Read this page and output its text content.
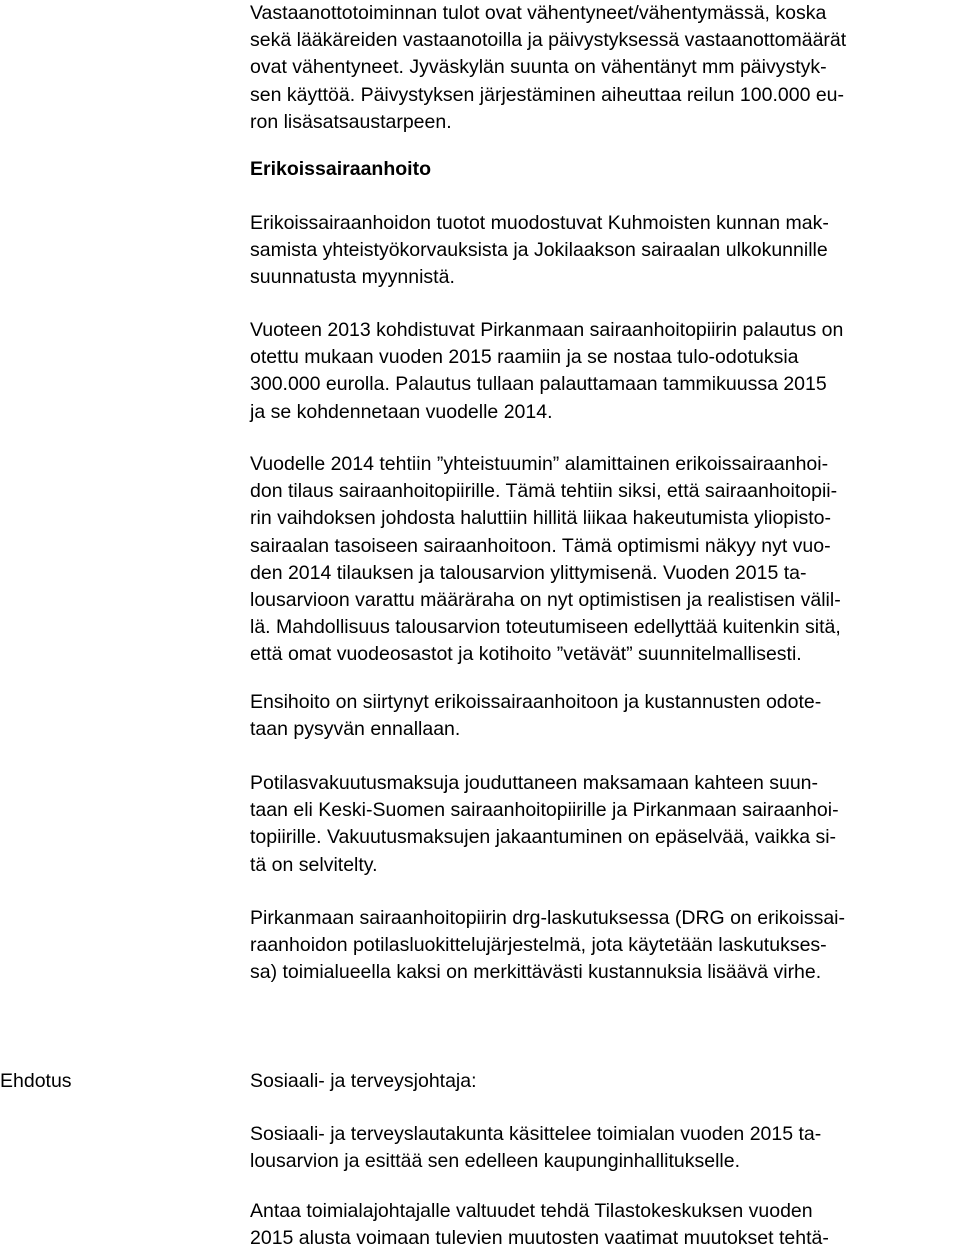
Vastaanottotoiminnan tulot ovat vähentyneet/vähentymässä, koska
sekä lääkäreiden vastaanotoilla ja päivystyksessä vastaanottomäärät
ovat vähentyneet. Jyväskylän suunta on vähentänyt mm päivystyk-
sen käyttöä. Päivystyksen järjestäminen aiheuttaa reilun 100.000 eu-
ron lisäsatsaustarpeen.

Erikoissairaanhoito

Erikoissairaanhoidon tuotot muodostuvat Kuhmoisten kunnan mak-
samista yhteistyökorvauksista ja Jokilaakson sairaalan ulkokunnille
suunnatusta myynnistä.

Vuoteen 2013 kohdistuvat Pirkanmaan sairaanhoitopiirin palautus on
otettu mukaan vuoden 2015 raamiin ja se nostaa tulo-odotuksia
300.000 eurolla. Palautus tullaan palauttamaan tammikuussa 2015
ja se kohdennetaan vuodelle 2014.

Vuodelle 2014 tehtiin ”yhteistuumin” alamittainen erikoissairaanhoi-
don tilaus sairaanhoitopiirille. Tämä tehtiin siksi, että sairaanhoitopii-
rin vaihdoksen johdosta haluttiin hillitä liikaa hakeutumista yliopisto-
sairaalan tasoiseen sairaanhoitoon. Tämä optimismi näkyy nyt vuo-
den 2014 tilauksen ja talousarvion ylittymisenä. Vuoden 2015 ta-
lousarvioon varattu määräraha on nyt optimistisen ja realistisen välil-
lä. Mahdollisuus talousarvion toteutumiseen edellyttää kuitenkin sitä,
että omat vuodeosastot ja kotihoito ”vetävät” suunnitelmallisesti.

Ensihoito on siirtynyt erikoissairaanhoitoon ja kustannusten odote-
taan pysyvän ennallaan.

Potilasvakuutusmaksuja jouduttaneen maksamaan kahteen suun-
taan eli Keski-Suomen sairaanhoitopiirille ja Pirkanmaan sairaanhoi-
topiirille. Vakuutusmaksujen jakaantuminen on epäselvää, vaikka si-
tä on selvitelty.

Pirkanmaan sairaanhoitopiirin drg-laskutuksessa (DRG on erikoissai-
raanhoidon potilasluokittelujärjestelmä, jota käytetään laskutukses-
sa) toimialueella kaksi on merkittävästi kustannuksia lisäävä virhe.

Ehdotus	Sosiaali- ja terveysjohtaja:

Sosiaali- ja terveyslautakunta käsittelee toimialan vuoden 2015 ta-
lousarvion ja esittää sen edelleen kaupunginhallitukselle.

Antaa toimialajohtajalle valtuudet tehdä Tilastokeskuksen vuoden
2015 alusta voimaan tulevien muutosten vaatimat muutokset tehtä-
